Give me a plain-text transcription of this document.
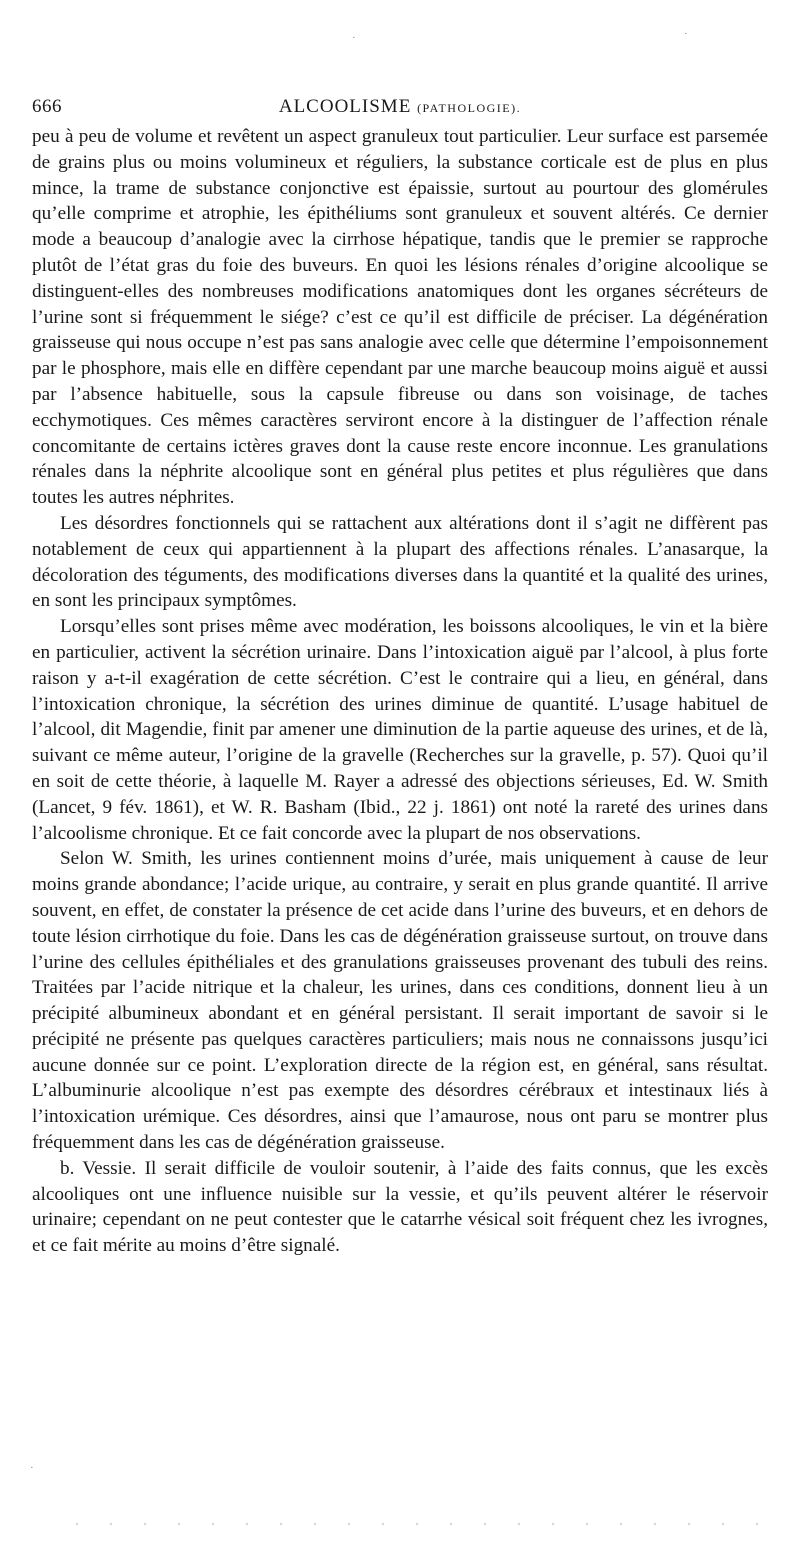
·	·
·
666	ALCOOLISME (PATHOLOGIE).

peu à peu de volume et revêtent un aspect granuleux tout particulier. Leur surface est parsemée de grains plus ou moins volumineux et réguliers, la substance corticale est de plus en plus mince, la trame de substance conjonctive est épaissie, surtout au pourtour des glomérules qu’elle comprime et atrophie, les épithéliums sont granuleux et souvent altérés. Ce dernier mode a beaucoup d’analogie avec la cirrhose hépatique, tandis que le premier se rapproche plutôt de l’état gras du foie des buveurs. En quoi les lésions rénales d’origine alcoolique se distinguent-elles des nombreuses modifications anatomiques dont les organes sécréteurs de l’urine sont si fréquemment le siége? c’est ce qu’il est difficile de préciser. La dégénération graisseuse qui nous occupe n’est pas sans analogie avec celle que détermine l’empoisonnement par le phosphore, mais elle en diffère cependant par une marche beaucoup moins aiguë et aussi par l’absence habituelle, sous la capsule fibreuse ou dans son voisinage, de taches ecchymotiques. Ces mêmes caractères serviront encore à la distinguer de l’affection rénale concomitante de certains ictères graves dont la cause reste encore inconnue. Les granulations rénales dans la néphrite alcoolique sont en général plus petites et plus régulières que dans toutes les autres néphrites.

Les désordres fonctionnels qui se rattachent aux altérations dont il s’agit ne diffèrent pas notablement de ceux qui appartiennent à la plupart des affections rénales. L’anasarque, la décoloration des téguments, des modifications diverses dans la quantité et la qualité des urines, en sont les principaux symptômes.

Lorsqu’elles sont prises même avec modération, les boissons alcooliques, le vin et la bière en particulier, activent la sécrétion urinaire. Dans l’intoxication aiguë par l’alcool, à plus forte raison y a-t-il exagération de cette sécrétion. C’est le contraire qui a lieu, en général, dans l’intoxication chronique, la sécrétion des urines diminue de quantité. L’usage habituel de l’alcool, dit Magendie, finit par amener une diminution de la partie aqueuse des urines, et de là, suivant ce même auteur, l’origine de la gravelle (Recherches sur la gravelle, p. 57). Quoi qu’il en soit de cette théorie, à laquelle M. Rayer a adressé des objections sérieuses, Ed. W. Smith (Lancet, 9 fév. 1861), et W. R. Basham (Ibid., 22 j. 1861) ont noté la rareté des urines dans l’alcoolisme chronique. Et ce fait concorde avec la plupart de nos observations.

Selon W. Smith, les urines contiennent moins d’urée, mais uniquement à cause de leur moins grande abondance; l’acide urique, au contraire, y serait en plus grande quantité. Il arrive souvent, en effet, de constater la présence de cet acide dans l’urine des buveurs, et en dehors de toute lésion cirrhotique du foie. Dans les cas de dégénération graisseuse surtout, on trouve dans l’urine des cellules épithéliales et des granulations graisseuses provenant des tubuli des reins. Traitées par l’acide nitrique et la chaleur, les urines, dans ces conditions, donnent lieu à un précipité albumineux abondant et en général persistant. Il serait important de savoir si le précipité ne présente pas quelques caractères particuliers; mais nous ne connaissons jusqu’ici aucune donnée sur ce point. L’exploration directe de la région est, en général, sans résultat. L’albuminurie alcoolique n’est pas exempte des désordres cérébraux et intestinaux liés à l’intoxication urémique. Ces désordres, ainsi que l’amaurose, nous ont paru se montrer plus fréquemment dans les cas de dégénération graisseuse.

b. Vessie. Il serait difficile de vouloir soutenir, à l’aide des faits connus, que les excès alcooliques ont une influence nuisible sur la vessie, et qu’ils peuvent altérer le réservoir urinaire; cependant on ne peut contester que le catarrhe vésical soit fréquent chez les ivrognes, et ce fait mérite au moins d’être signalé.
